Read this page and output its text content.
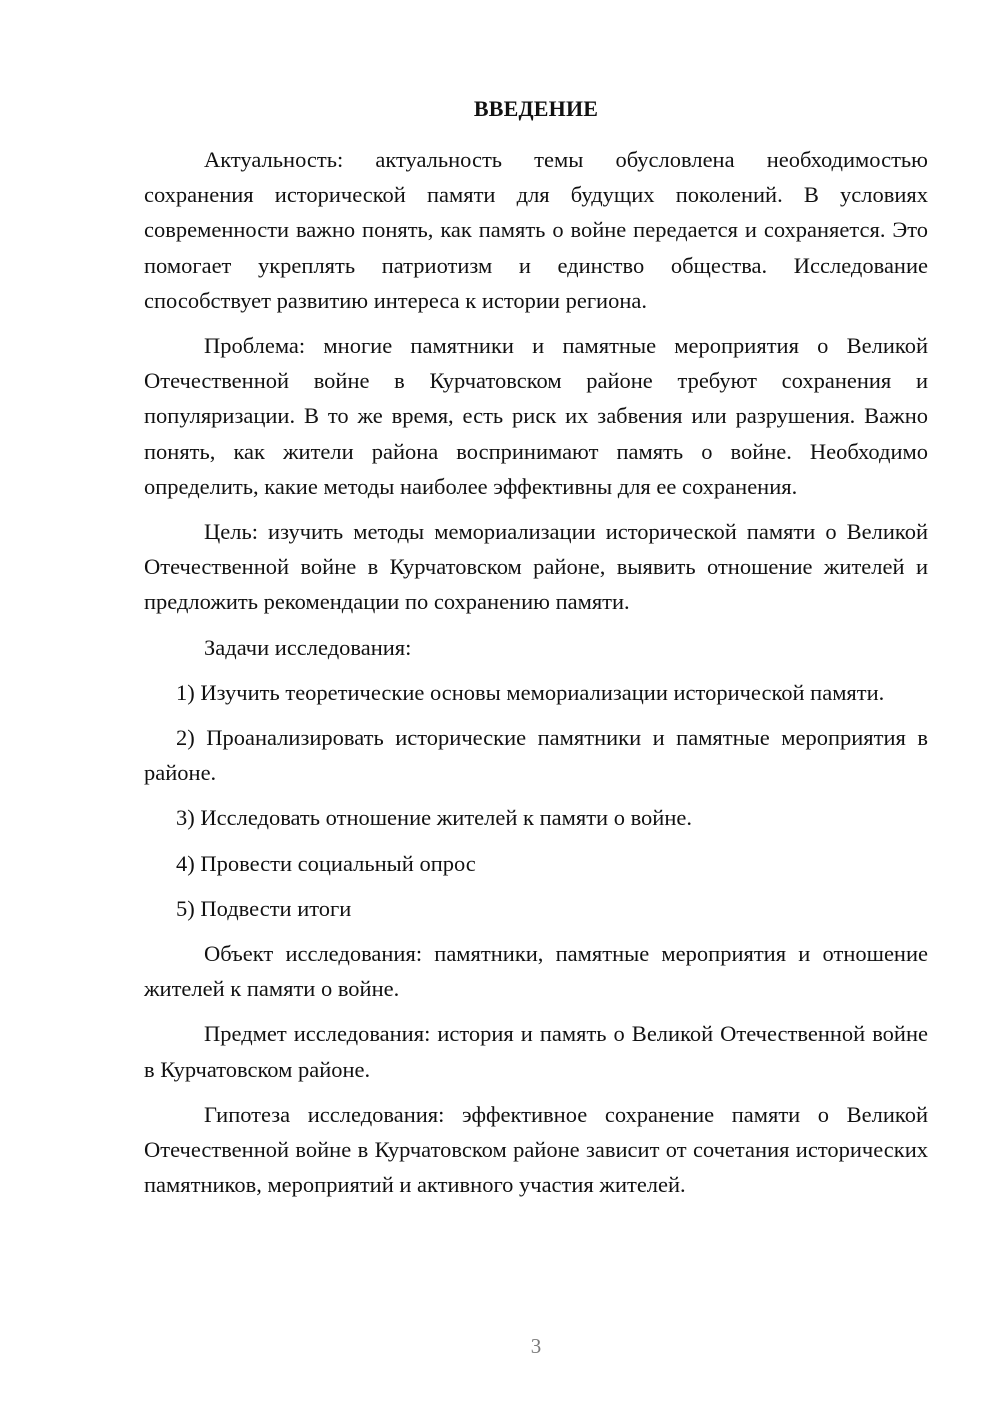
ВВЕДЕНИЕ

Актуальность: актуальность темы обусловлена необходимостью сохранения исторической памяти для будущих поколений. В условиях современности важно понять, как память о войне передается и сохраняется. Это помогает укреплять патриотизм и единство общества. Исследование способствует развитию интереса к истории региона.

Проблема: многие памятники и памятные мероприятия о Великой Отечественной войне в Курчатовском районе требуют сохранения и популяризации. В то же время, есть риск их забвения или разрушения. Важно понять, как жители района воспринимают память о войне. Необходимо определить, какие методы наиболее эффективны для ее сохранения.

Цель: изучить методы мемориализации исторической памяти о Великой Отечественной войне в Курчатовском районе, выявить отношение жителей и предложить рекомендации по сохранению памяти.

Задачи исследования:

1) Изучить теоретические основы мемориализации исторической памяти.

2) Проанализировать исторические памятники и памятные мероприятия в районе.

3) Исследовать отношение жителей к памяти о войне.

4) Провести социальный опрос

5) Подвести итоги

Объект исследования: памятники, памятные мероприятия и отношение жителей к памяти о войне.

Предмет исследования: история и память о Великой Отечественной войне в Курчатовском районе.

Гипотеза исследования: эффективное сохранение памяти о Великой Отечественной войне в Курчатовском районе зависит от сочетания исторических памятников, мероприятий и активного участия жителей.

3
